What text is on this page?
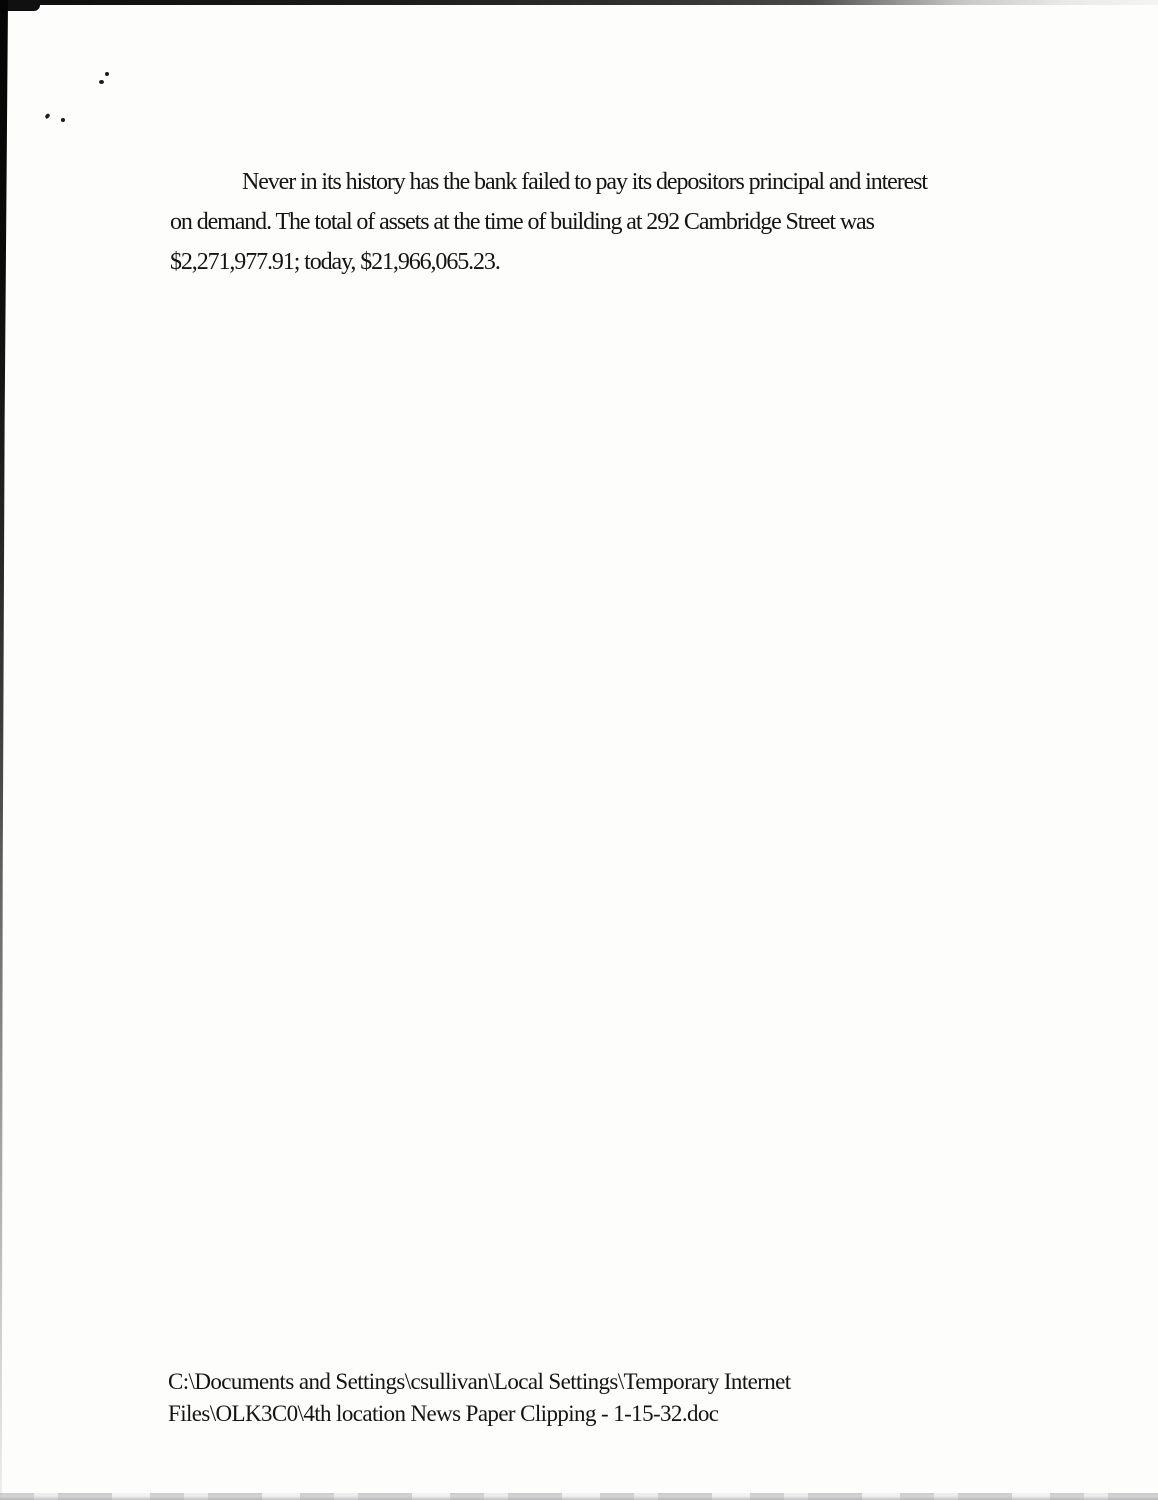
Never in its history has the bank failed to pay its depositors principal and interest
on demand. The total of assets at the time of building at 292 Cambridge Street was
$2,271,977.91; today, $21,966,065.23.
C:\Documents and Settings\csullivan\Local Settings\Temporary Internet
Files\OLK3C0\4th location News Paper Clipping - 1-15-32.doc
